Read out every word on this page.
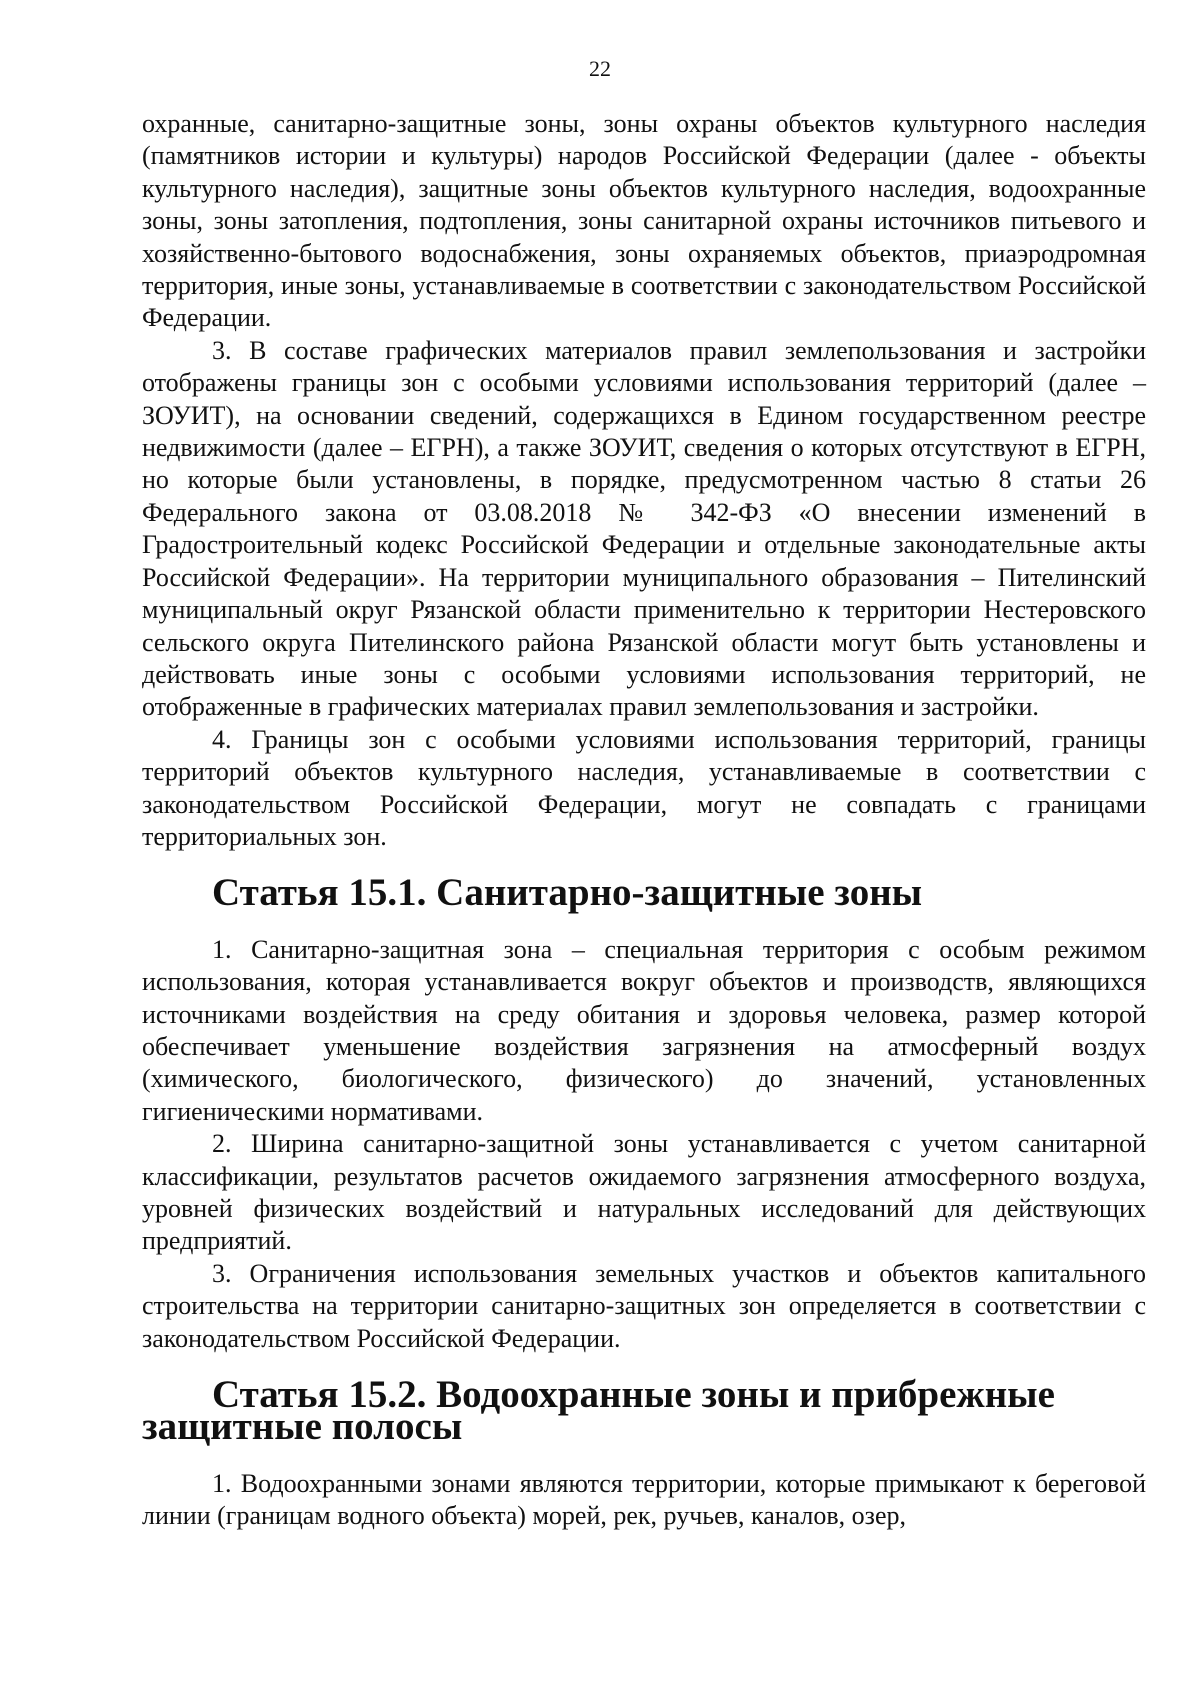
22

охранные, санитарно-защитные зоны, зоны охраны объектов культурного наследия (памятников истории и культуры) народов Российской Федерации (далее - объекты культурного наследия), защитные зоны объектов культурного наследия, водоохранные зоны, зоны затопления, подтопления, зоны санитарной охраны источников питьевого и хозяйственно-бытового водоснабжения, зоны охраняемых объектов, приаэродромная территория, иные зоны, устанавливаемые в соответствии с законодательством Российской Федерации.

3. В составе графических материалов правил землепользования и застройки отображены границы зон с особыми условиями использования территорий (далее – ЗОУИТ), на основании сведений, содержащихся в Едином государственном реестре недвижимости (далее – ЕГРН), а также ЗОУИТ, сведения о которых отсутствуют в ЕГРН, но которые были установлены, в порядке, предусмотренном частью 8 статьи 26 Федерального закона от 03.08.2018 № 342-ФЗ «О внесении изменений в Градостроительный кодекс Российской Федерации и отдельные законодательные акты Российской Федерации». На территории муниципального образования – Пителинский муниципальный округ Рязанской области применительно к территории Нестеровского сельского округа Пителинского района Рязанской области могут быть установлены и действовать иные зоны с особыми условиями использования территорий, не отображенные в графических материалах правил землепользования и застройки.

4. Границы зон с особыми условиями использования территорий, границы территорий объектов культурного наследия, устанавливаемые в соответствии с законодательством Российской Федерации, могут не совпадать с границами территориальных зон.

Статья 15.1. Санитарно-защитные зоны

1. Санитарно-защитная зона – специальная территория с особым режимом использования, которая устанавливается вокруг объектов и производств, являющихся источниками воздействия на среду обитания и здоровья человека, размер которой обеспечивает уменьшение воздействия загрязнения на атмосферный воздух (химического, биологического, физического) до значений, установленных гигиеническими нормативами.

2. Ширина санитарно-защитной зоны устанавливается с учетом санитарной классификации, результатов расчетов ожидаемого загрязнения атмосферного воздуха, уровней физических воздействий и натуральных исследований для действующих предприятий.

3. Ограничения использования земельных участков и объектов капитального строительства на территории санитарно-защитных зон определяется в соответствии с законодательством Российской Федерации.

Статья 15.2. Водоохранные зоны и прибрежные защитные полосы

1. Водоохранными зонами являются территории, которые примыкают к береговой линии (границам водного объекта) морей, рек, ручьев, каналов, озер,
